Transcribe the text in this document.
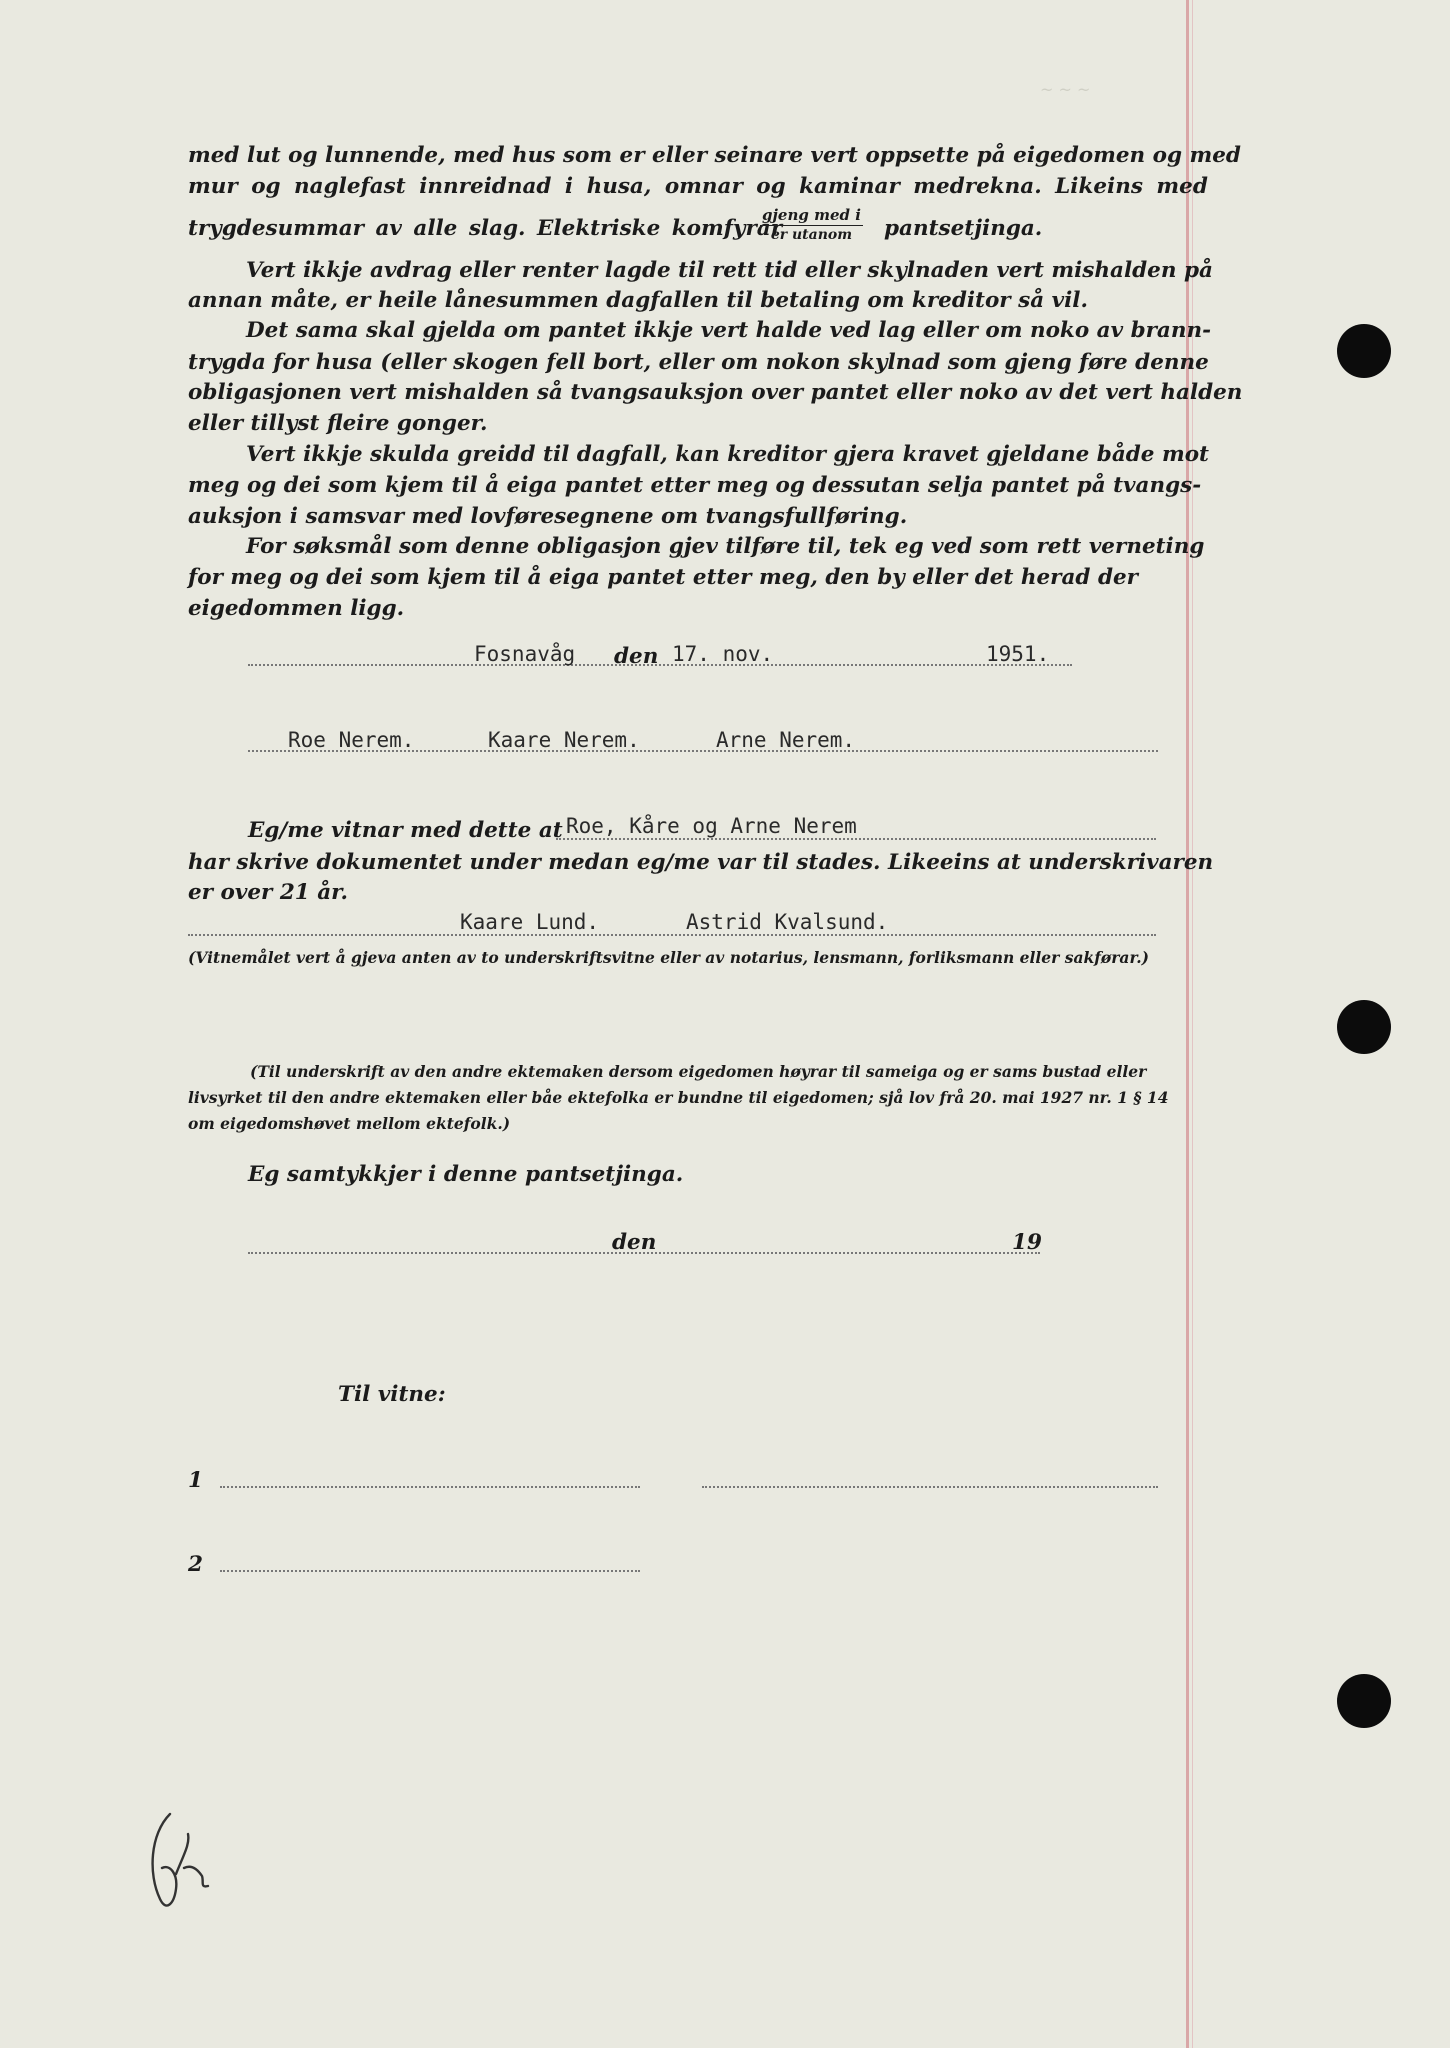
~ ~ ~
med lut og lunnende, med hus som er eller seinare vert oppsette på eigedomen og med
mur og naglefast innreidnad i husa, omnar og kaminar medrekna. Likeins med
trygdesummar av alle slag. Elektriske komfyrar
gjeng med i
er utanom	pantsetjinga.
Vert ikkje avdrag eller renter lagde til rett tid eller skylnaden vert mishalden på
annan måte, er heile lånesummen dagfallen til betaling om kreditor så vil.
Det sama skal gjelda om pantet ikkje vert halde ved lag eller om noko av brann-
trygda for husa (eller skogen fell bort, eller om nokon skylnad som gjeng føre denne
obligasjonen vert mishalden så tvangsauksjon over pantet eller noko av det vert halden
eller tillyst fleire gonger.
Vert ikkje skulda greidd til dagfall, kan kreditor gjera kravet gjeldane både mot
meg og dei som kjem til å eiga pantet etter meg og dessutan selja pantet på tvangs-
auksjon i samsvar med lovføresegnene om tvangsfullføring.
For søksmål som denne obligasjon gjev tilføre til, tek eg ved som rett verneting
for meg og dei som kjem til å eiga pantet etter meg, den by eller det herad der
eigedommen ligg.
Fosnavåg den 17. nov.	1951.
Roe Nerem.	Kaare Nerem.	Arne Nerem.
Eg/me vitnar med dette at Roe, Kåre og Arne Nerem
har skrive dokumentet under medan eg/me var til stades. Likeeins at underskrivaren
er over 21 år.
Kaare Lund.	Astrid Kvalsund.
(Vitnemålet vert å gjeva anten av to underskriftsvitne eller av notarius, lensmann, forliksmann eller sakførar.)
(Til underskrift av den andre ektemaken dersom eigedomen høyrar til sameiga og er sams bustad eller
livsyrket til den andre ektemaken eller båe ektefolka er bundne til eigedomen; sjå lov frå 20. mai 1927 nr. 1 § 14
om eigedomshøvet mellom ektefolk.)
Eg samtykkjer i denne pantsetjinga.
den	19
Til vitne:
1
2
